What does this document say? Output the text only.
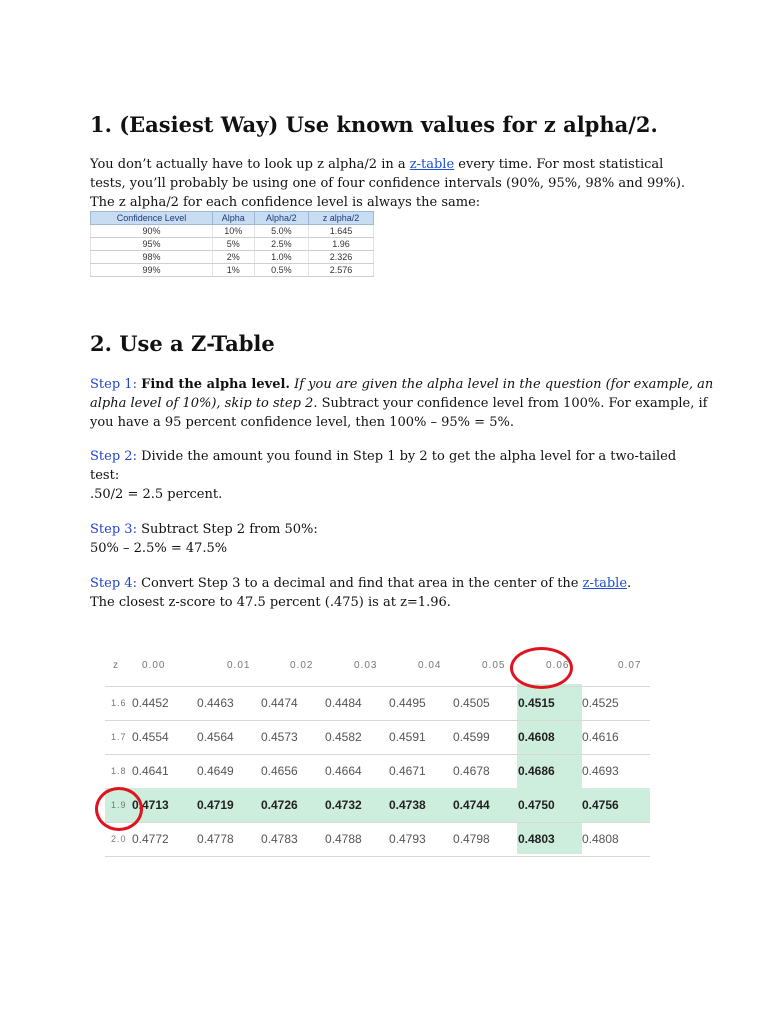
1. (Easiest Way) Use known values for z alpha/2.
You don’t actually have to look up z alpha/2 in a z-table every time. For most statistical
tests, you’ll probably be using one of four confidence intervals (90%, 95%, 98% and 99%).
The z alpha/2 for each confidence level is always the same:
Confidence Level	Alpha	Alpha/2	z alpha/2
90%	10%	5.0%	1.645
95%	5%	2.5%	1.96
98%	2%	1.0%	2.326
99%	1%	0.5%	2.576
2. Use a Z-Table
Step 1: Find the alpha level. If you are given the alpha level in the question (for example, an
alpha level of 10%), skip to step 2. Subtract your confidence level from 100%. For example, if
you have a 95 percent confidence level, then 100% – 95% = 5%.
Step 2: Divide the amount you found in Step 1 by 2 to get the alpha level for a two-tailed
test:
.50/2 = 2.5 percent.
Step 3: Subtract Step 2 from 50%:
50% – 2.5% = 47.5%
Step 4: Convert Step 3 to a decimal and find that area in the center of the z-table.
The closest z-score to 47.5 percent (.475) is at z=1.96.
z 0.00	0.01	0.02	0.03	0.04	0.05	0.06	0.07
1.6 0.4452 0.4463 0.4474 0.4484 0.4495 0.4505 0.4515 0.4525
1.7 0.4554 0.4564 0.4573 0.4582 0.4591 0.4599 0.4608 0.4616
1.8 0.4641 0.4649 0.4656 0.4664 0.4671 0.4678 0.4686 0.4693
1.9 0.4713 0.4719 0.4726 0.4732 0.4738 0.4744 0.4750 0.4756
2.0 0.4772 0.4778 0.4783 0.4788 0.4793 0.4798 0.4803 0.4808
